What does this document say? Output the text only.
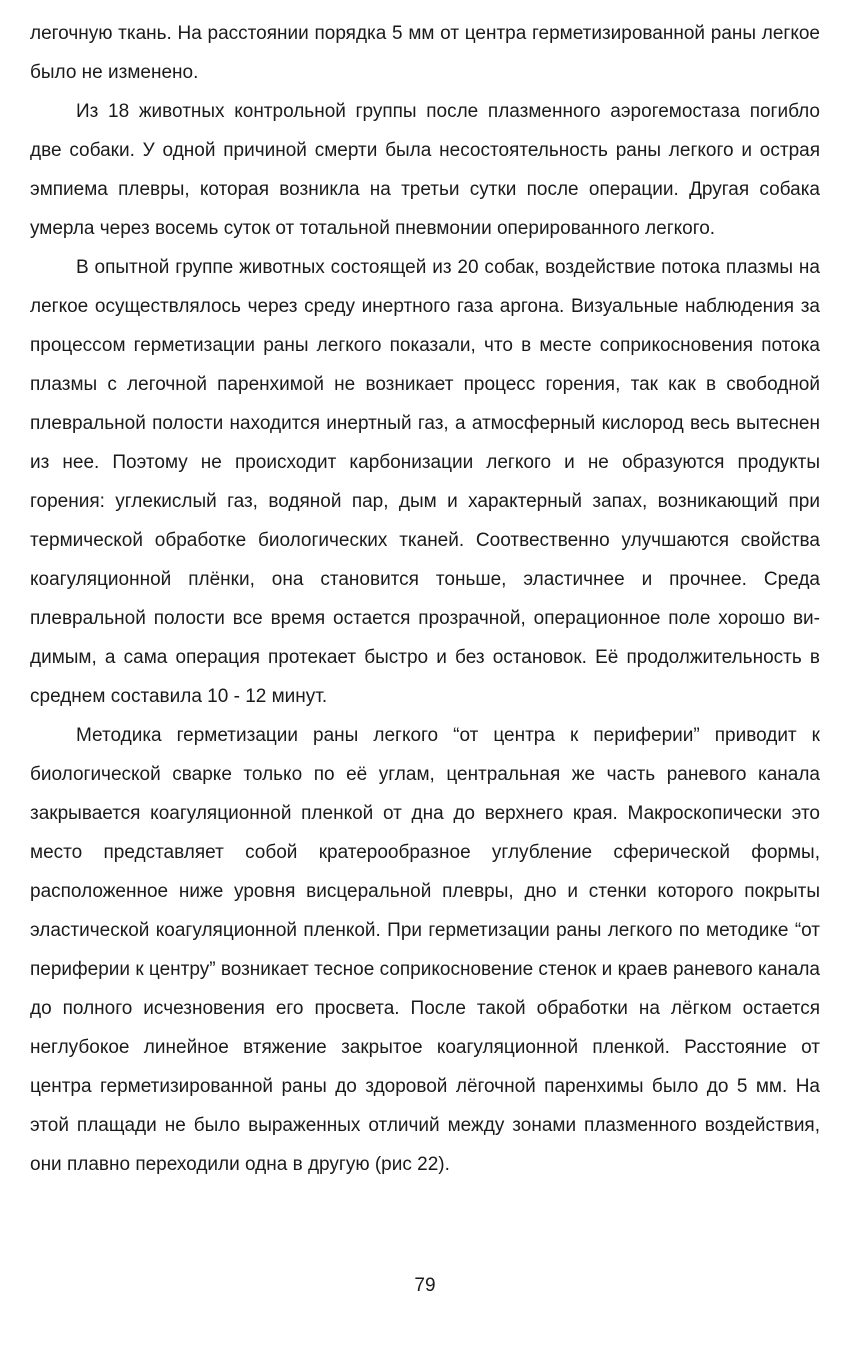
легочную ткань. На расстоянии порядка 5 мм от центра герметизированной раны легкое было не изменено.

Из 18 животных контрольной группы после плазменного аэрогемостаза погибло две собаки. У одной причиной смерти была несостоятельность раны легкого и острая эмпиема плевры, которая возникла на третьи сутки после операции. Другая собака умерла через восемь суток от тотальной пневмонии оперированного легкого.

В опытной группе животных состоящей из 20 собак, воздействие потока плазмы на легкое осуществлялось через среду инертного газа аргона. Визуальные наблюдения за процессом герметизации раны легкого показали, что в месте соприкосновения потока плазмы с легочной паренхимой не возникает процесс горения, так как в свободной плевральной полости находится инертный газ, а атмосферный кислород весь вытеснен из нее. Поэтому не происходит карбонизации легкого и не образуются продукты горения: углекислый газ, водяной пар, дым и характерный запах, возникающий при термической обработке биологических тканей. Соотвественно улучшаются свойства коагуляционной плёнки, она становится тоньше, эластичнее и прочнее. Среда плевральной полости все время остается прозрачной, операционное поле хорошо видимым, а сама операция протекает быстро и без остановок. Её продолжительность в среднем составила 10 - 12 минут.

Методика герметизации раны легкого “от центра к периферии” приводит к биологической сварке только по её углам, центральная же часть раневого канала закрывается коагуляционной пленкой от дна до верхнего края. Макроскопически это место представляет собой кратерообразное углубление сферической формы, расположенное ниже уровня висцеральной плевры, дно и стенки которого покрыты эластической коагуляционной пленкой. При герметизации раны легкого по методике “от периферии к центру” возникает тесное соприкосновение стенок и краев раневого канала до полного исчезновения его просвета. После такой обработки на лёгком остается неглубокое линейное втяжение закрытое коагуляционной пленкой. Расстояние от центра герметизированной раны до здоровой лёгочной паренхимы было до 5 мм. На этой плащади не было выраженных отличий между зонами плазменного воздействия, они плавно переходили одна в другую (рис 22).

79
